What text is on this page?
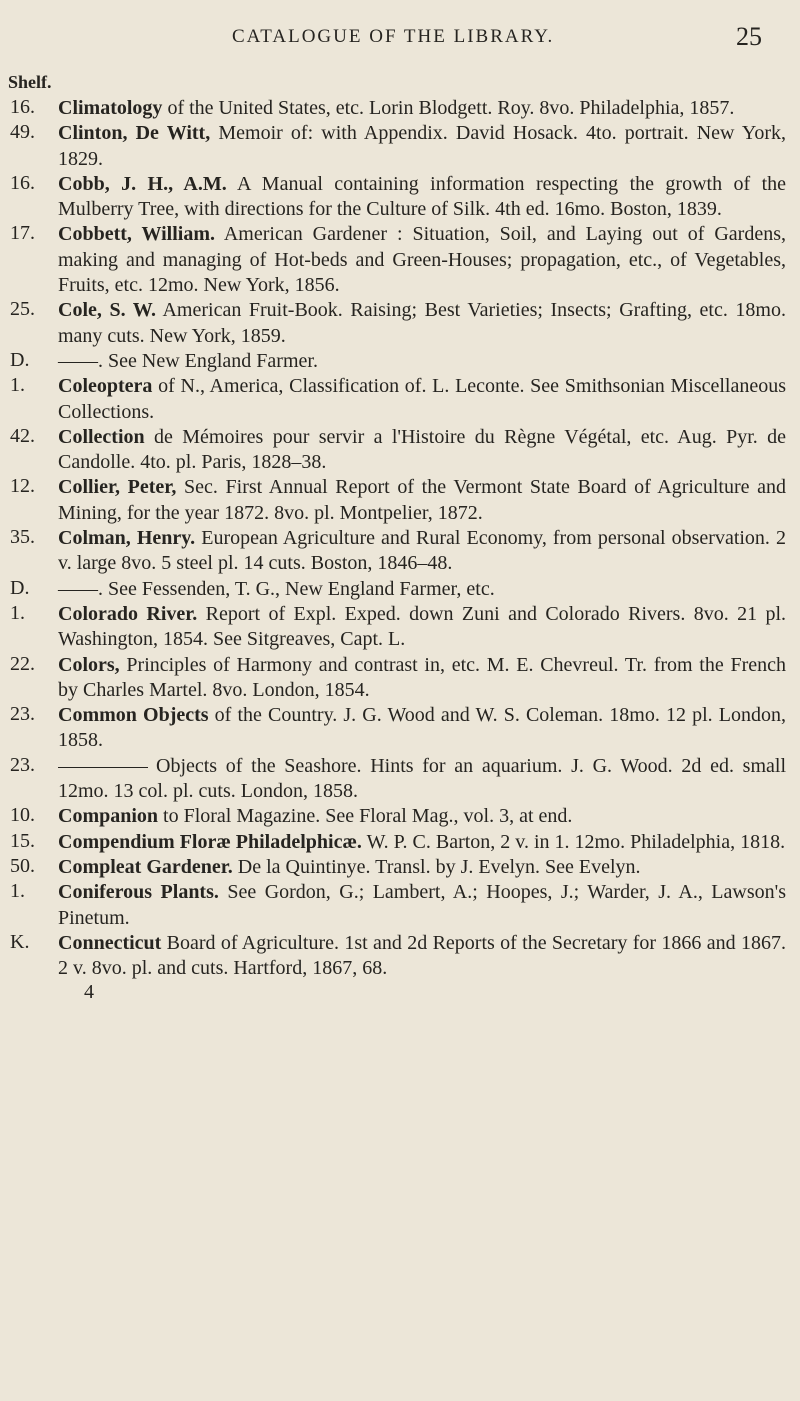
CATALOGUE OF THE LIBRARY.	25
Shelf.
16.	Climatology of the United States, etc. Lorin Blodgett. Roy. 8vo. Philadelphia, 1857.
49.	Clinton, De Witt, Memoir of: with Appendix. David Hosack. 4to. portrait. New York, 1829.
16.	Cobb, J. H., A.M. A Manual containing information respecting the growth of the Mulberry Tree, with directions for the Culture of Silk. 4th ed. 16mo. Boston, 1839.
17.	Cobbett, William. American Gardener : Situation, Soil, and Laying out of Gardens, making and managing of Hot-beds and Green-Houses; propagation, etc., of Vegetables, Fruits, etc. 12mo. New York, 1856.
25.	Cole, S. W. American Fruit-Book. Raising; Best Varieties; Insects; Grafting, etc. 18mo. many cuts. New York, 1859.
D.	——. See New England Farmer.
1.	Coleoptera of N., America, Classification of. L. Leconte. See Smithsonian Miscellaneous Collections.
42.	Collection de Mémoires pour servir a l'Histoire du Règne Végétal, etc. Aug. Pyr. de Candolle. 4to. pl. Paris, 1828–38.
12.	Collier, Peter, Sec. First Annual Report of the Vermont State Board of Agriculture and Mining, for the year 1872. 8vo. pl. Montpelier, 1872.
35.	Colman, Henry. European Agriculture and Rural Economy, from personal observation. 2 v. large 8vo. 5 steel pl. 14 cuts. Boston, 1846–48.
D.	——. See Fessenden, T. G., New England Farmer, etc.
1.	Colorado River. Report of Expl. Exped. down Zuni and Colorado Rivers. 8vo. 21 pl. Washington, 1854. See Sitgreaves, Capt. L.
22.	Colors, Principles of Harmony and contrast in, etc. M. E. Chevreul. Tr. from the French by Charles Martel. 8vo. London, 1854.
23.	Common Objects of the Country. J. G. Wood and W. S. Coleman. 18mo. 12 pl. London, 1858.
23.	Objects of the Seashore. Hints for an aquarium. J. G. Wood. 2d ed. small 12mo. 13 col. pl. cuts. London, 1858.
10.	Companion to Floral Magazine. See Floral Mag., vol. 3, at end.
15.	Compendium Floræ Philadelphicæ. W. P. C. Barton, 2 v. in 1. 12mo. Philadelphia, 1818.
50.	Compleat Gardener. De la Quintinye. Transl. by J. Evelyn. See Evelyn.
1.	Coniferous Plants. See Gordon, G.; Lambert, A.; Hoopes, J.; Warder, J. A., Lawson's Pinetum.
K.	Connecticut Board of Agriculture. 1st and 2d Reports of the Secretary for 1866 and 1867. 2 v. 8vo. pl. and cuts. Hartford, 1867, 68.
4
